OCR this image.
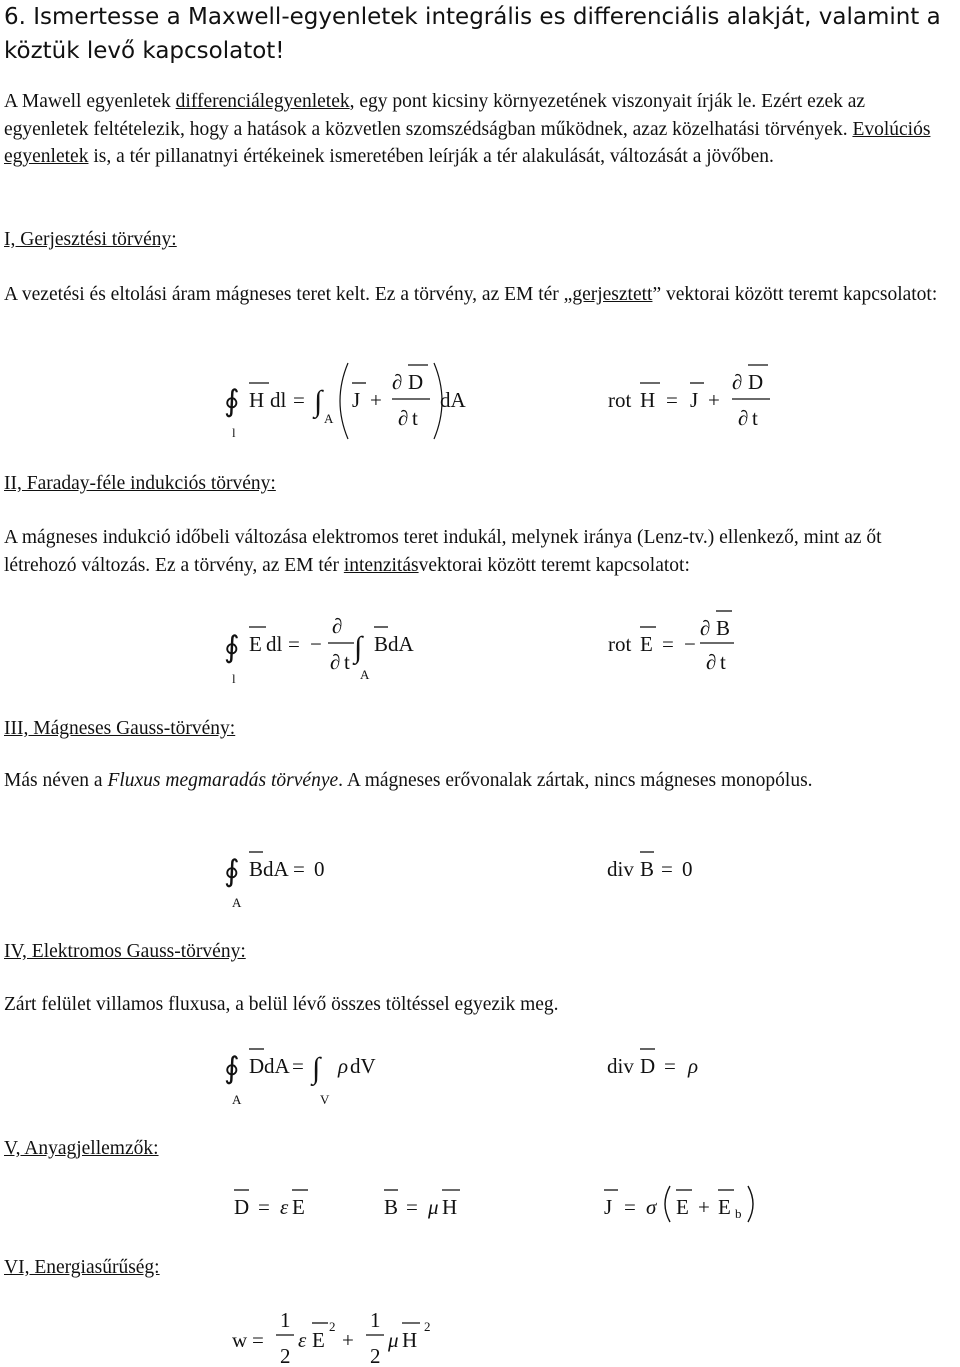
6. Ismertesse a Maxwell-egyenletek integrális es differenciális alakját, valamint a köztük levő kapcsolatot!
A Mawell egyenletek differenciálegyenletek, egy pont kicsiny környezetének viszonyait írják le. Ezért ezek az egyenletek feltételezik, hogy a hatások a közvetlen szomszédságban működnek, azaz közelhatási törvények. Evolúciós egyenletek is, a tér pillanatnyi értékeinek ismeretében leírják a tér alakulását, változását a jövőben.
I, Gerjesztési törvény:
A vezetési és eltolási áram mágneses teret kelt. Ez a törvény, az EM tér „gerjesztett” vektorai között teremt kapcsolatot:
∮
l
H dl = ∫
A
J +
∂ D
∂ t
dA	rot H = J +
∂ D
∂ t
II, Faraday-féle indukciós törvény:
A mágneses indukció időbeli változása elektromos teret indukál, melynek iránya (Lenz-tv.) ellenkező, mint az őt létrehozó változás. Ez a törvény, az EM tér intenzitásvektorai között teremt kapcsolatot:
∮
l
E dl = −
∂
∂ t ∫
A
B dA	rot E = −
∂ B
∂ t
III, Mágneses Gauss-törvény:
Más néven a Fluxus megmaradás törvénye. A mágneses erővonalak zártak, nincs mágneses monopólus.
∮
A
B dA = 0	div B = 0
IV, Elektromos Gauss-törvény:
Zárt felület villamos fluxusa, a belül lévő összes töltéssel egyezik meg.
∮
A
D dA = ∫
V
ρ dV	div D = ρ
V, Anyagjellemzők:
D = ε E	B = μ H	J = σ E + E b
VI, Energiasűrűség:
w =
1
2
ε E
2
+
1
2
μ H
2
